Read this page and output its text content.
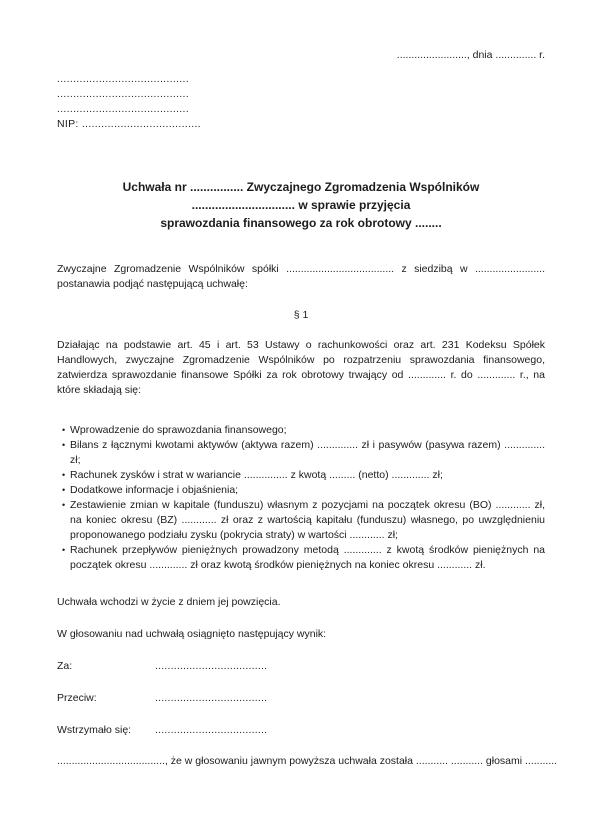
........................, dnia .............. r.
.........................................
.........................................
.........................................
NIP: .....................................
Uchwała nr ................ Zwyczajnego Zgromadzenia Wspólników
............................... w sprawie przyjęcia
sprawozdania finansowego za rok obrotowy ........

Zwyczajne Zgromadzenie Wspólników spółki ..................................... z siedzibą w ........................ postanawia podjąć następującą uchwałę:

§ 1

Działając na podstawie art. 45 i art. 53 Ustawy o rachunkowości oraz art. 231 Kodeksu Spółek Handlowych, zwyczajne Zgromadzenie Wspólników po rozpatrzeniu sprawozdania finansowego, zatwierdza sprawozdanie finansowe Spółki za rok obrotowy trwający od ............. r. do ............. r., na które składają się:

• Wprowadzenie do sprawozdania finansowego;
• Bilans z łącznymi kwotami aktywów (aktywa razem) .............. zł i pasywów (pasywa razem) .............. zł;
• Rachunek zysków i strat w wariancie ............... z kwotą ......... (netto) ............. zł;
• Dodatkowe informacje i objaśnienia;
• Zestawienie zmian w kapitale (funduszu) własnym z pozycjami na początek okresu (BO) ............ zł, na koniec okresu (BZ) ............ zł oraz z wartością kapitału (funduszu) własnego, po uwzględnieniu proponowanego podziału zysku (pokrycia straty) w wartości ............ zł;
• Rachunek przepływów pieniężnych prowadzony metodą ............. z kwotą środków pieniężnych na początek okresu ............. zł oraz kwotą środków pieniężnych na koniec okresu ............ zł.

Uchwała wchodzi w życie z dniem jej powzięcia.

W głosowaniu nad uchwałą osiągnięto następujący wynik:

Za:	....................................
Przeciw:	....................................
Wstrzymało się:	....................................

....................................., że w głosowaniu jawnym powyższa uchwała została ........... ........... głosami ...........
